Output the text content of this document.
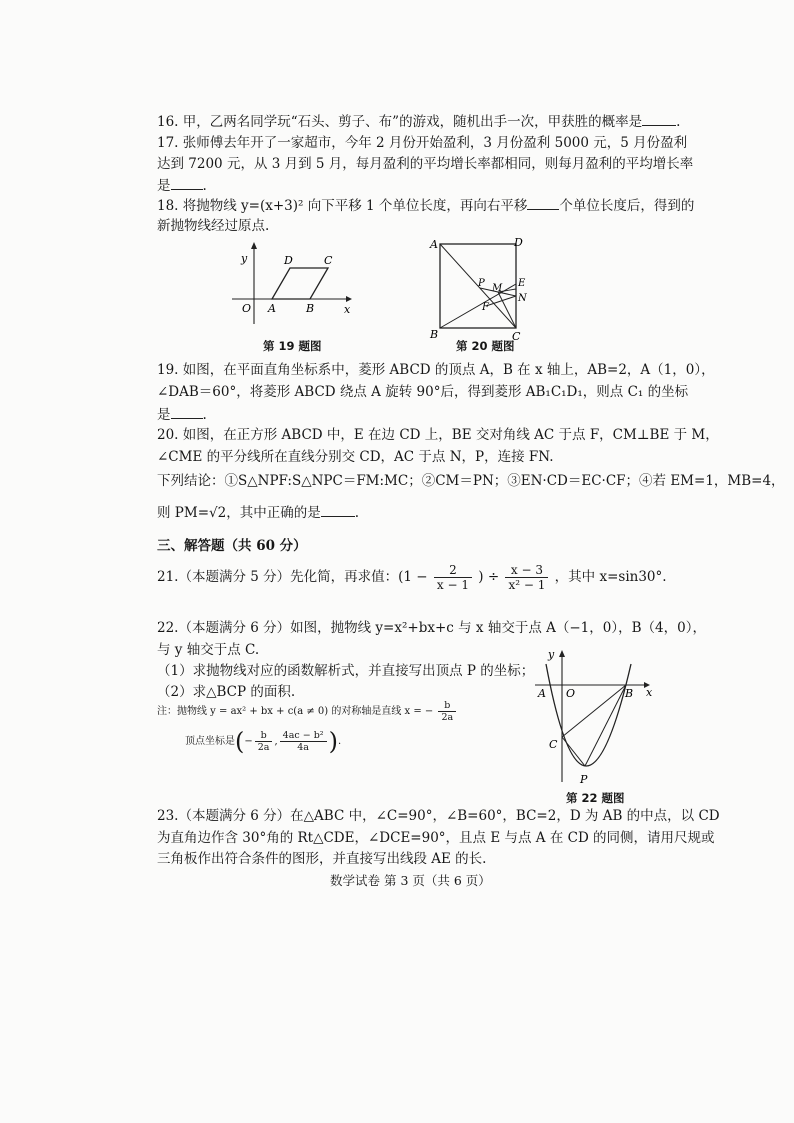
16. 甲，乙两名同学玩“石头、剪子、布”的游戏，随机出手一次，甲获胜的概率是	.
17. 张师傅去年开了一家超市，今年 2 月份开始盈利，3 月份盈利 5000 元，5 月份盈利
达到 7200 元，从 3 月到 5 月，每月盈利的平均增长率都相同，则每月盈利的平均增长率
是 .
18. 将抛物线 y=(x+3)² 向下平移 1 个单位长度，再向右平移 个单位长度后，得到的
新抛物线经过原点.
y
x
O A	B
C
D
第 19 题图
A
B	C
D
E
N
M
P
F
第 20 题图
19. 如图，在平面直角坐标系中，菱形 ABCD 的顶点 A，B 在 x 轴上，AB=2，A（1，0），
∠DAB＝60°，将菱形 ABCD 绕点 A 旋转 90°后，得到菱形 AB₁C₁D₁，则点 C₁ 的坐标
是 .
20. 如图，在正方形 ABCD 中，E 在边 CD 上，BE 交对角线 AC 于点 F，CM⊥BE 于 M，
∠CME 的平分线所在直线分别交 CD，AC 于点 N，P，连接 FN.
下列结论：①S△NPF:S△NPC＝FM:MC；②CM＝PN；③EN·CD＝EC·CF；④若 EM=1，MB=4，
则 PM=√2，其中正确的是	.
三、解答题（共 60 分）
21.（本题满分 5 分）先化简，再求值：($1 - \frac{2}{x - 1}$ ) ÷ $\frac{x - 3}{\text{x² − 1}}$ ，其中 x=sin30°.
22.（本题满分 6 分）如图，抛物线 y=x²+bx+c 与 x 轴交于点 A（−1，0），B（4，0），
与 y 轴交于点 C.
（1）求抛物线对应的函数解析式，并直接写出顶点 P 的坐标；
（2）求△BCP 的面积.
注：抛物线 y = ax² + bx + c(a ≠ 0) 的对称轴是直线 x = − $\frac{b}{2a}$
顶点坐标是(− $\frac{b}{2a}$ , $\frac{\text{4ac − b²}}{4a}$ ).
y
x
O
A	B
C
P
第 22 题图
23.（本题满分 6 分）在△ABC 中，∠C=90°，∠B=60°，BC=2，D 为 AB 的中点，以 CD
为直角边作含 30°角的 Rt△CDE，∠DCE=90°，且点 E 与点 A 在 CD 的同侧，请用尺规或
三角板作出符合条件的图形，并直接写出线段 AE 的长.
数学试卷 第 3 页（共 6 页）
